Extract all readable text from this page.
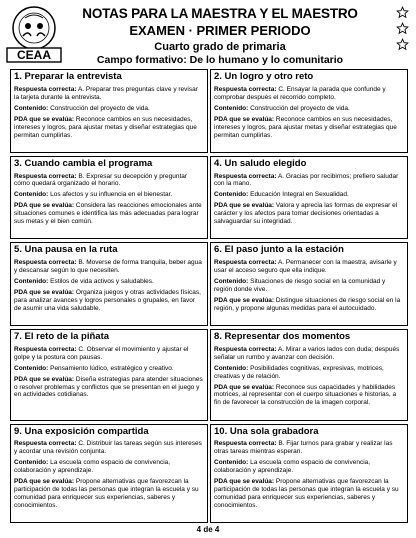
CEAA
NOTAS PARA LA MAESTRA Y EL MAESTRO
EXAMEN · PRIMER PERIODO
Cuarto grado de primaria
Campo formativo: De lo humano y lo comunitario
1. Preparar la entrevista

Respuesta correcta: A. Preparar tres preguntas clave y revisar la tarjeta durante la entrevista.

Contenido: Construcción del proyecto de vida.

PDA que se evalúa: Reconoce cambios en sus necesidades, intereses y logros, para ajustar metas y diseñar estrategias que permitan cumplirlas.

2. Un logro y otro reto

Respuesta correcta: C. Ensayar la parada que confunde y comprobar después el recorrido completo.

Contenido: Construcción del proyecto de vida.

PDA que se evalúa: Reconoce cambios en sus necesidades, intereses y logros, para ajustar metas y diseñar estrategias que permitan cumplirlas.

3. Cuando cambia el programa

Respuesta correcta: B. Expresar su decepción y preguntar cómo quedará organizado el horario.

Contenido: Los afectos y su influencia en el bienestar.

PDA que se evalúa: Considera las reacciones emocionales ante situaciones comunes e identifica las más adecuadas para lograr sus metas y el bien común.

4. Un saludo elegido

Respuesta correcta: A. Gracias por recibirnos; prefiero saludar con la mano.

Contenido: Educación Integral en Sexualidad.

PDA que se evalúa: Valora y aprecia las formas de expresar el carácter y los afectos para tomar decisiones orientadas a salvaguardar su integridad.

5. Una pausa en la ruta

Respuesta correcta: B. Moverse de forma tranquila, beber agua y descansar según lo que necesiten.

Contenido: Estilos de vida activos y saludables.

PDA que se evalúa: Organiza juegos y otras actividades físicas, para analizar avances y logros personales o grupales, en favor de asumir una vida saludable.

6. El paso junto a la estación

Respuesta correcta: A. Permanecer con la maestra, avisarle y usar el acceso seguro que ella indique.

Contenido: Situaciones de riesgo social en la comunidad y región donde vive.

PDA que se evalúa: Distingue situaciones de riesgo social en la región, y propone algunas medidas para el autocuidado.

7. El reto de la piñata

Respuesta correcta: C. Observar el movimiento y ajustar el golpe y la postura con pausas.

Contenido: Pensamiento lúdico, estratégico y creativo.

PDA que se evalúa: Diseña estrategias para atender situaciones o resolver problemas y conflictos que se presentan en el juego y en actividades cotidianas.

8. Representar dos momentos

Respuesta correcta: A. Mirar a varios lados con duda; después señalar un rumbo y avanzar con decisión.

Contenido: Posibilidades cognitivas, expresivas, motrices, creativas y de relación.

PDA que se evalúa: Reconoce sus capacidades y habilidades motrices, al representar con el cuerpo situaciones e historias, a fin de favorecer la construcción de la imagen corporal.

9. Una exposición compartida

Respuesta correcta: C. Distribuir las tareas según sus intereses y acordar una revisión conjunta.

Contenido: La escuela como espacio de convivencia, colaboración y aprendizaje.

PDA que se evalúa: Propone alternativas que favorezcan la participación de todas las personas que integran la escuela y su comunidad para enriquecer sus experiencias, saberes y conocimientos.

10. Una sola grabadora

Respuesta correcta: B. Fijar turnos para grabar y realizar las otras tareas mientras esperan.

Contenido: La escuela como espacio de convivencia, colaboración y aprendizaje.

PDA que se evalúa: Propone alternativas que favorezcan la participación de todas las personas que integran la escuela y su comunidad para enriquecer sus experiencias, saberes y conocimientos.

4 de 4
